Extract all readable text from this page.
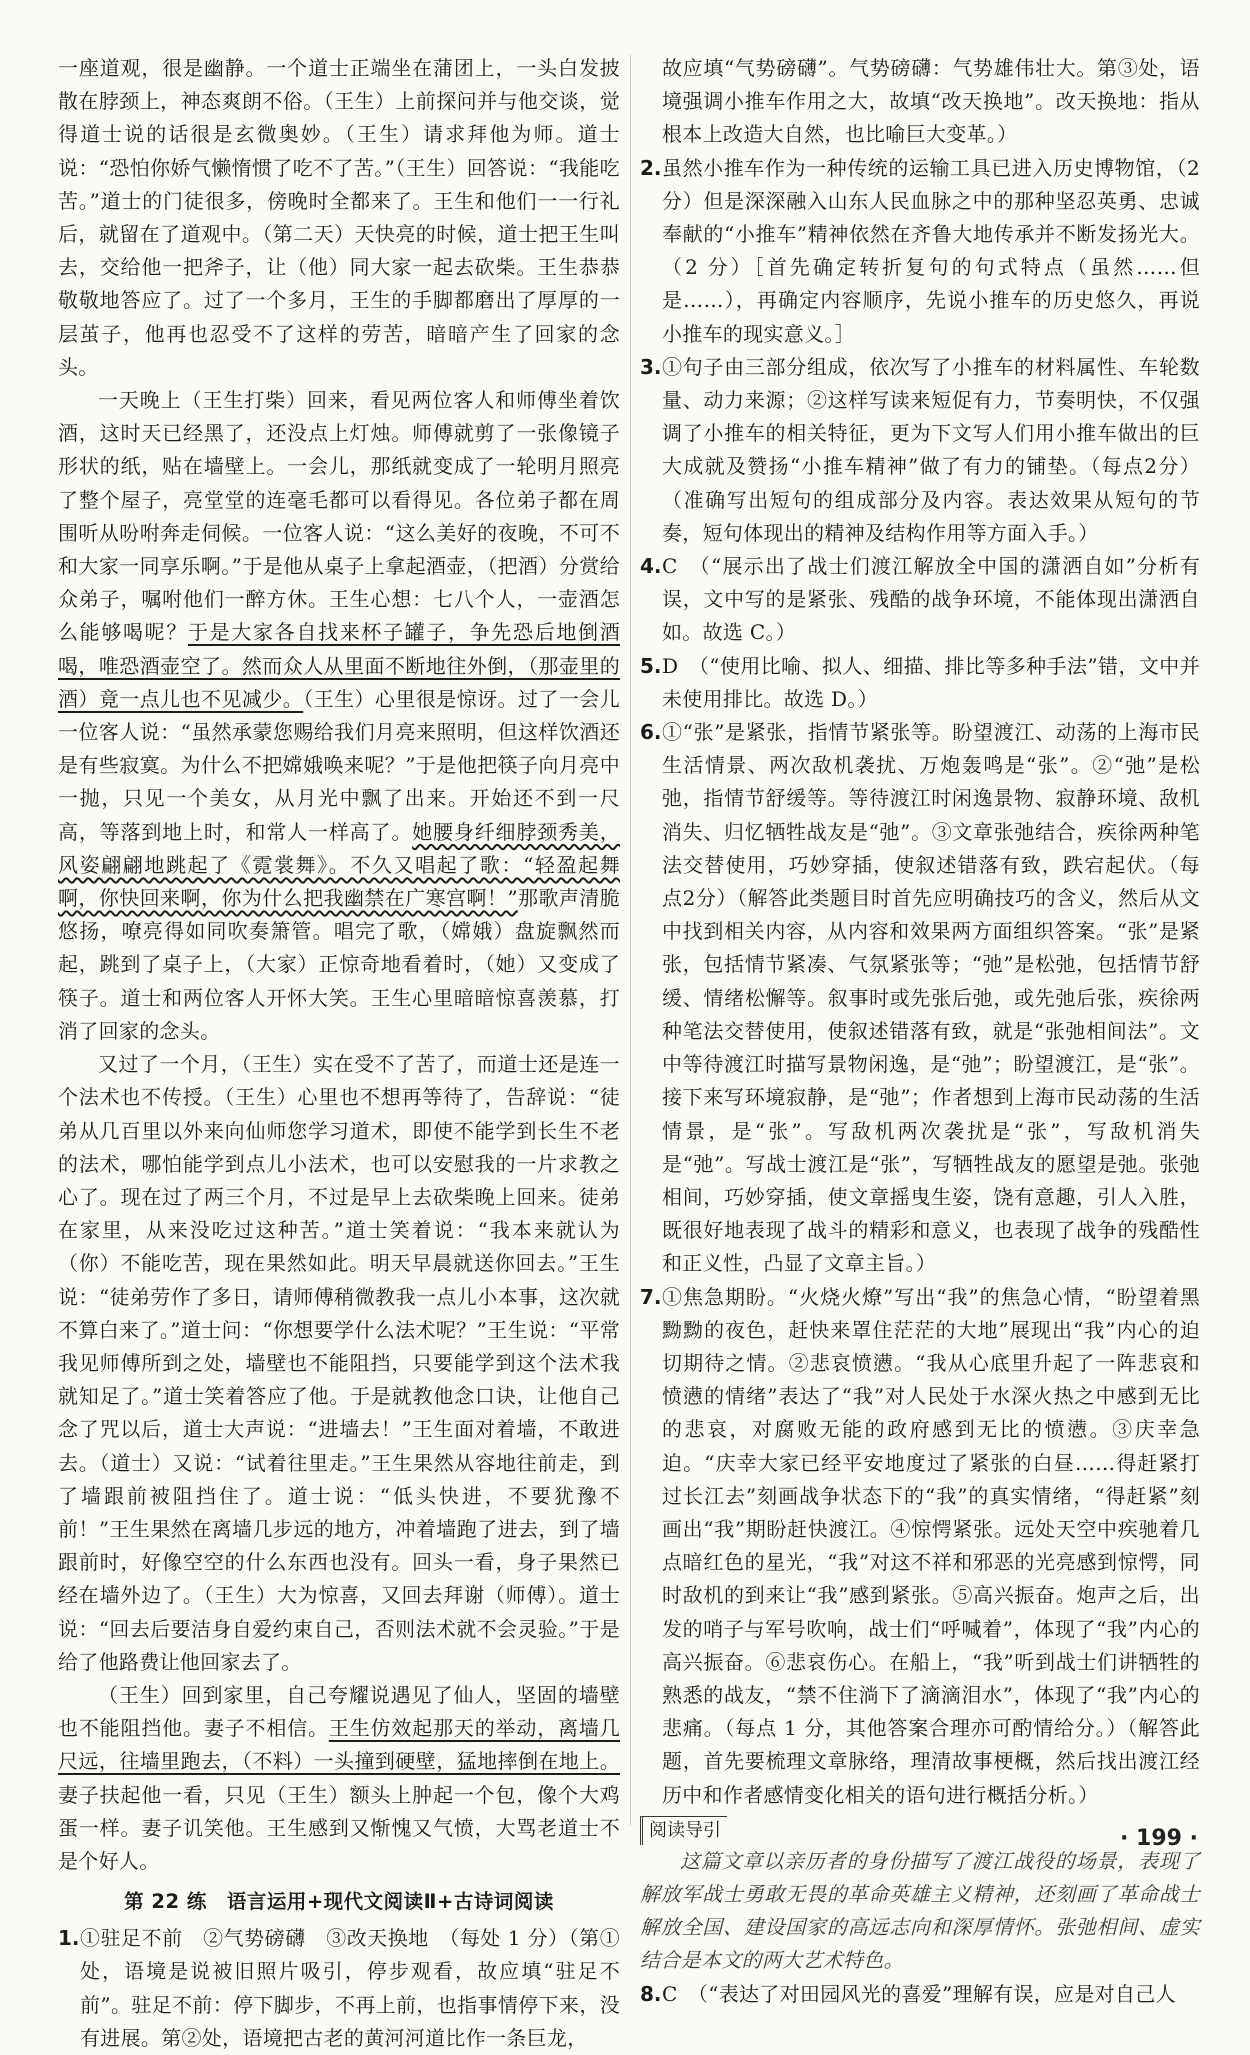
一座道观，很是幽静。一个道士正端坐在蒲团上，一头白发披散在脖颈上，神态爽朗不俗。（王生）上前探问并与他交谈，觉得道士说的话很是玄微奥妙。（王生）请求拜他为师。道士说：“恐怕你娇气懒惰惯了吃不了苦。”（王生）回答说：“我能吃苦。”道士的门徒很多，傍晚时全都来了。王生和他们一一行礼后，就留在了道观中。（第二天）天快亮的时候，道士把王生叫去，交给他一把斧子，让（他）同大家一起去砍柴。王生恭恭敬敬地答应了。过了一个多月，王生的手脚都磨出了厚厚的一层茧子，他再也忍受不了这样的劳苦，暗暗产生了回家的念头。

一天晚上（王生打柴）回来，看见两位客人和师傅坐着饮酒，这时天已经黑了，还没点上灯烛。师傅就剪了一张像镜子形状的纸，贴在墙壁上。一会儿，那纸就变成了一轮明月照亮了整个屋子，亮堂堂的连毫毛都可以看得见。各位弟子都在周围听从吩咐奔走伺候。一位客人说：“这么美好的夜晚，不可不和大家一同享乐啊。”于是他从桌子上拿起酒壶，（把酒）分赏给众弟子，嘱咐他们一醉方休。王生心想：七八个人，一壶酒怎么能够喝呢？于是大家各自找来杯子罐子，争先恐后地倒酒喝，唯恐酒壶空了。然而众人从里面不断地往外倒，（那壶里的酒）竟一点儿也不见减少。（王生）心里很是惊讶。过了一会儿一位客人说：“虽然承蒙您赐给我们月亮来照明，但这样饮酒还是有些寂寞。为什么不把嫦娥唤来呢？”于是他把筷子向月亮中一抛，只见一个美女，从月光中飘了出来。开始还不到一尺高，等落到地上时，和常人一样高了。她腰身纤细脖颈秀美，风姿翩翩地跳起了《霓裳舞》。不久又唱起了歌：“轻盈起舞啊，你快回来啊，你为什么把我幽禁在广寒宫啊！”那歌声清脆悠扬，嘹亮得如同吹奏箫管。唱完了歌，（嫦娥）盘旋飘然而起，跳到了桌子上，（大家）正惊奇地看着时，（她）又变成了筷子。道士和两位客人开怀大笑。王生心里暗暗惊喜羡慕，打消了回家的念头。

又过了一个月，（王生）实在受不了苦了，而道士还是连一个法术也不传授。（王生）心里也不想再等待了，告辞说：“徒弟从几百里以外来向仙师您学习道术，即使不能学到长生不老的法术，哪怕能学到点儿小法术，也可以安慰我的一片求教之心了。现在过了两三个月，不过是早上去砍柴晚上回来。徒弟在家里，从来没吃过这种苦。”道士笑着说：“我本来就认为（你）不能吃苦，现在果然如此。明天早晨就送你回去。”王生说：“徒弟劳作了多日，请师傅稍微教我一点儿小本事，这次就不算白来了。”道士问：“你想要学什么法术呢？”王生说：“平常我见师傅所到之处，墙壁也不能阻挡，只要能学到这个法术我就知足了。”道士笑着答应了他。于是就教他念口诀，让他自己念了咒以后，道士大声说：“进墙去！”王生面对着墙，不敢进去。（道士）又说：“试着往里走。”王生果然从容地往前走，到了墙跟前被阻挡住了。道士说：“低头快进，不要犹豫不前！”王生果然在离墙几步远的地方，冲着墙跑了进去，到了墙跟前时，好像空空的什么东西也没有。回头一看，身子果然已经在墙外边了。（王生）大为惊喜，又回去拜谢（师傅）。道士说：“回去后要洁身自爱约束自己，否则法术就不会灵验。”于是给了他路费让他回家去了。

（王生）回到家里，自己夸耀说遇见了仙人，坚固的墙壁也不能阻挡他。妻子不相信。王生仿效起那天的举动，离墙几尺远，往墙里跑去，（不料）一头撞到硬壁，猛地摔倒在地上。妻子扶起他一看，只见（王生）额头上肿起一个包，像个大鸡蛋一样。妻子讥笑他。王生感到又惭愧又气愤，大骂老道士不是个好人。

第 22 练　语言运用+现代文阅读Ⅱ+古诗词阅读
1. ①驻足不前　②气势磅礴　③改天换地　（每处 1 分）（第①处，语境是说被旧照片吸引，停步观看，故应填“驻足不前”。驻足不前：停下脚步，不再上前，也指事情停下来，没有进展。第②处，语境把古老的黄河河道比作一条巨龙，

故应填“气势磅礴”。气势磅礴：气势雄伟壮大。第③处，语境强调小推车作用之大，故填“改天换地”。改天换地：指从根本上改造大自然，也比喻巨大变革。）

2. 虽然小推车作为一种传统的运输工具已进入历史博物馆，（2 分）但是深深融入山东人民血脉之中的那种坚忍英勇、忠诚奉献的“小推车”精神依然在齐鲁大地传承并不断发扬光大。（2 分）［首先确定转折复句的句式特点（虽然……但是……），再确定内容顺序，先说小推车的历史悠久，再说小推车的现实意义。］

3. ①句子由三部分组成，依次写了小推车的材料属性、车轮数量、动力来源；②这样写读来短促有力，节奏明快，不仅强调了小推车的相关特征，更为下文写人们用小推车做出的巨大成就及赞扬“小推车精神”做了有力的铺垫。（每点2分）（准确写出短句的组成部分及内容。表达效果从短句的节奏，短句体现出的精神及结构作用等方面入手。）

4. C　（“展示出了战士们渡江解放全中国的潇洒自如”分析有误，文中写的是紧张、残酷的战争环境，不能体现出潇洒自如。故选 C。）

5. D　（“使用比喻、拟人、细描、排比等多种手法”错，文中并未使用排比。故选 D。）

6. ①“张”是紧张，指情节紧张等。盼望渡江、动荡的上海市民生活情景、两次敌机袭扰、万炮轰鸣是“张”。②“弛”是松弛，指情节舒缓等。等待渡江时闲逸景物、寂静环境、敌机消失、归忆牺牲战友是“弛”。③文章张弛结合，疾徐两种笔法交替使用，巧妙穿插，使叙述错落有致，跌宕起伏。（每点2分）（解答此类题目时首先应明确技巧的含义，然后从文中找到相关内容，从内容和效果两方面组织答案。“张”是紧张，包括情节紧凑、气氛紧张等；“弛”是松弛，包括情节舒缓、情绪松懈等。叙事时或先张后弛，或先弛后张，疾徐两种笔法交替使用，使叙述错落有致，就是“张弛相间法”。文中等待渡江时描写景物闲逸，是“弛”；盼望渡江，是“张”。接下来写环境寂静，是“弛”；作者想到上海市民动荡的生活情景，是“张”。写敌机两次袭扰是“张”，写敌机消失是“弛”。写战士渡江是“张”，写牺牲战友的愿望是弛。张弛相间，巧妙穿插，使文章摇曳生姿，饶有意趣，引人入胜，既很好地表现了战斗的精彩和意义，也表现了战争的残酷性和正义性，凸显了文章主旨。）

7. ①焦急期盼。“火烧火燎”写出“我”的焦急心情，“盼望着黑黝黝的夜色，赶快来罩住茫茫的大地”展现出“我”内心的迫切期待之情。②悲哀愤懑。“我从心底里升起了一阵悲哀和愤懑的情绪”表达了“我”对人民处于水深火热之中感到无比的悲哀，对腐败无能的政府感到无比的愤懑。③庆幸急迫。“庆幸大家已经平安地度过了紧张的白昼……得赶紧打过长江去”刻画战争状态下的“我”的真实情绪，“得赶紧”刻画出“我”期盼赶快渡江。④惊愕紧张。远处天空中疾驰着几点暗红色的星光，“我”对这不祥和邪恶的光亮感到惊愕，同时敌机的到来让“我”感到紧张。⑤高兴振奋。炮声之后，出发的哨子与军号吹响，战士们“呼喊着”，体现了“我”内心的高兴振奋。⑥悲哀伤心。在船上，“我”听到战士们讲牺牲的熟悉的战友，“禁不住淌下了滴滴泪水”，体现了“我”内心的悲痛。（每点 1 分，其他答案合理亦可酌情给分。）（解答此题，首先要梳理文章脉络，理清故事梗概，然后找出渡江经历中和作者感情变化相关的语句进行概括分析。）

阅读导引

这篇文章以亲历者的身份描写了渡江战役的场景，表现了解放军战士勇敢无畏的革命英雄主义精神，还刻画了革命战士解放全国、建设国家的高远志向和深厚情怀。张弛相间、虚实结合是本文的两大艺术特色。

8. C　（“表达了对田园风光的喜爱”理解有误，应是对自己人

· 199 ·
